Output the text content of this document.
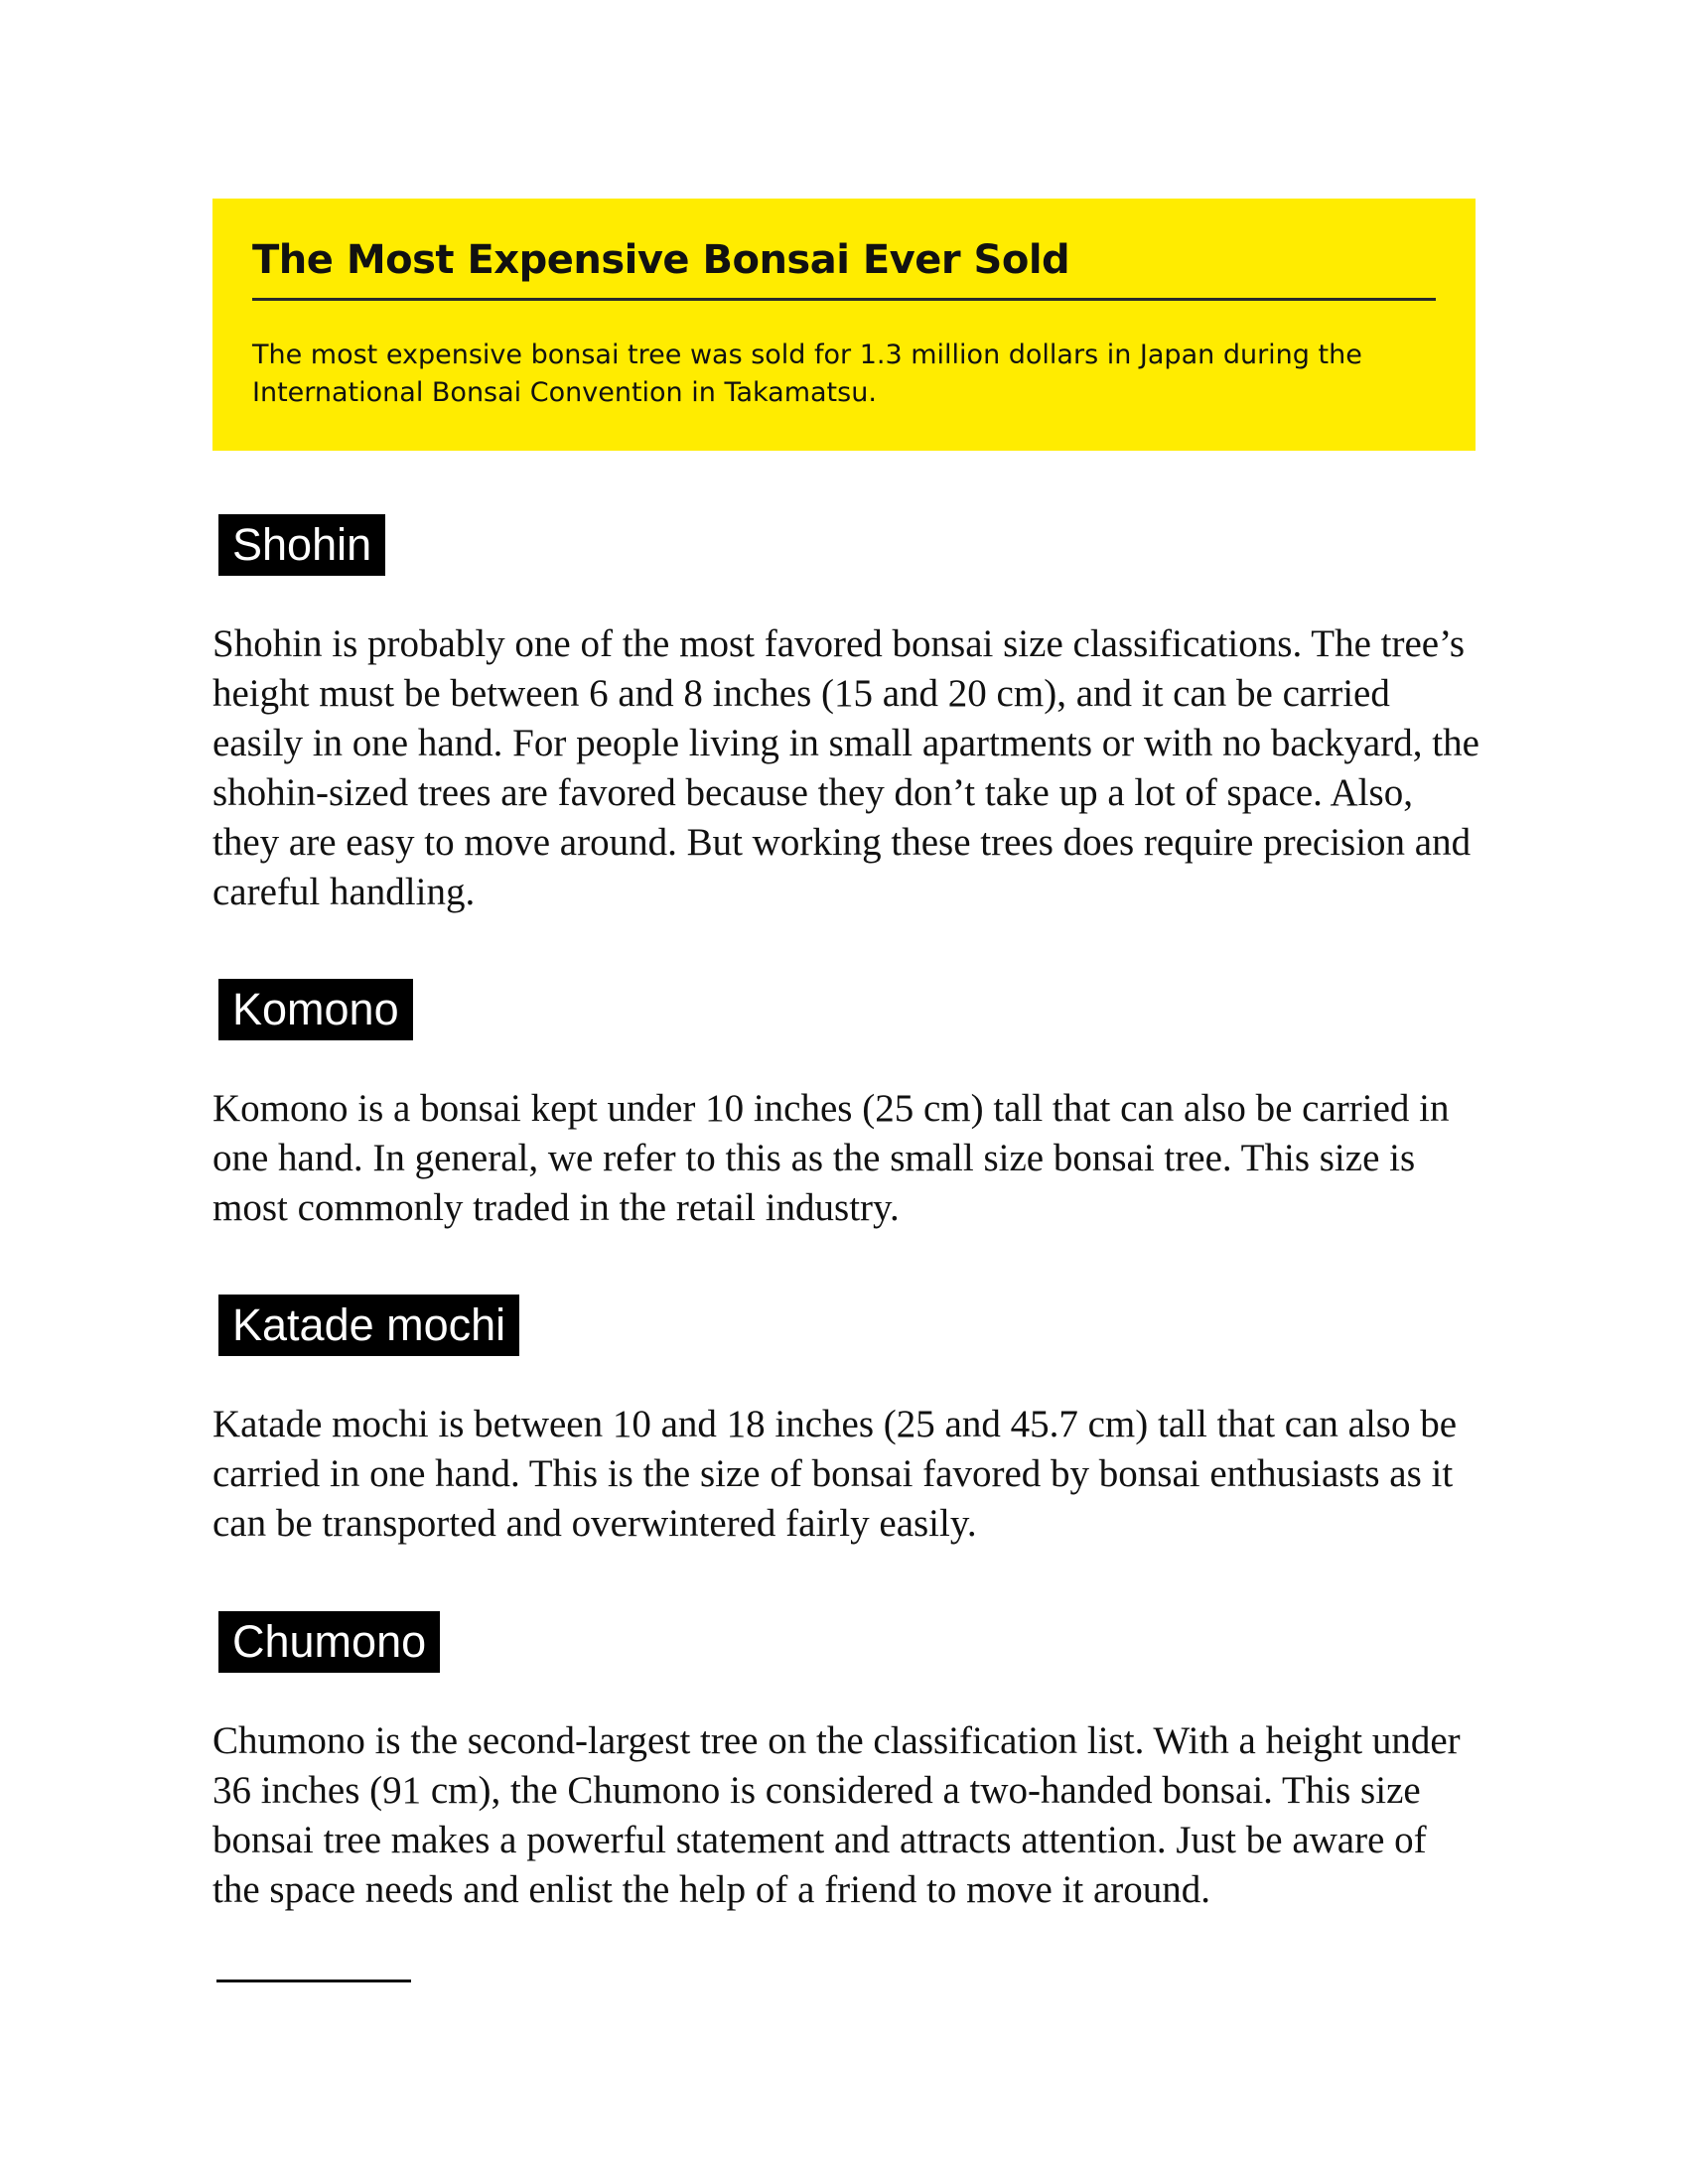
The Most Expensive Bonsai Ever Sold
The most expensive bonsai tree was sold for 1.3 million dollars in Japan during the International Bonsai Convention in Takamatsu.
Shohin
Shohin is probably one of the most favored bonsai size classifications. The tree’s height must be between 6 and 8 inches (15 and 20 cm), and it can be carried easily in one hand. For people living in small apartments or with no backyard, the shohin-sized trees are favored because they don’t take up a lot of space. Also, they are easy to move around. But working these trees does require precision and careful handling.
Komono
Komono is a bonsai kept under 10 inches (25 cm) tall that can also be carried in one hand. In general, we refer to this as the small size bonsai tree. This size is most commonly traded in the retail industry.
Katade mochi
Katade mochi is between 10 and 18 inches (25 and 45.7 cm) tall that can also be carried in one hand. This is the size of bonsai favored by bonsai enthusiasts as it can be transported and overwintered fairly easily.
Chumono
Chumono is the second-largest tree on the classification list. With a height under 36 inches (91 cm), the Chumono is considered a two-handed bonsai. This size bonsai tree makes a powerful statement and attracts attention. Just be aware of the space needs and enlist the help of a friend to move it around.
